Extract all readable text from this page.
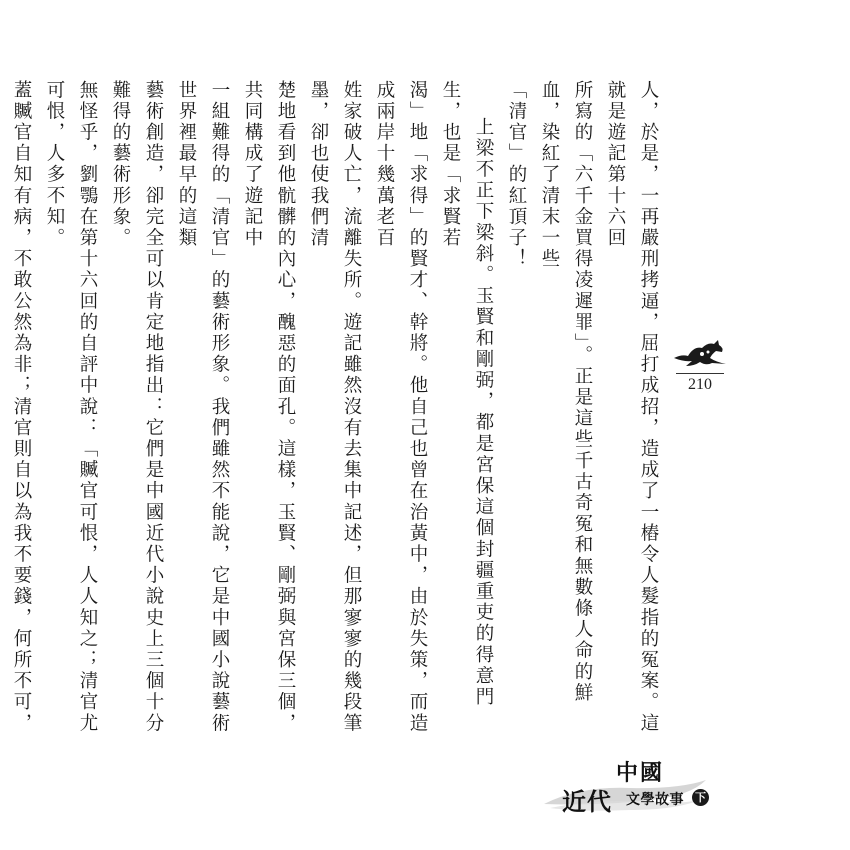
人，於是，一再嚴刑拷逼，屈打成招，造成了一樁令人髮指的冤案。這就是遊記第十六回
所寫的「六千金買得凌遲罪」。正是這些千古奇冤和無數條人命的鮮血，染紅了清末一些
「清官」的紅頂子！

上梁不正下梁斜。玉賢和剛弼，都是宮保這個封疆重吏的得意門生，也是「求賢若
渴」地「求得」的賢才、幹將。他自己也曾在治黃中，由於失策，而造成兩岸十幾萬老百
姓家破人亡，流離失所。遊記雖然沒有去集中記述，但那寥寥的幾段筆墨，卻也使我們清
楚地看到他骯髒的內心，醜惡的面孔。這樣，玉賢、剛弼與宮保三個，共同構成了遊記中
一組難得的「清官」的藝術形象。我們雖然不能說，它是中國小說藝術世界裡最早的這類
藝術創造，卻完全可以肯定地指出：它們是中國近代小說史上三個十分難得的藝術形象。
無怪乎，劉鶚在第十六回的自評中說：「贓官可恨，人人知之；清官尤可恨，人多不知。
蓋贓官自知有病，不敢公然為非；清官則自以為我不要錢，何所不可，

210
中國
近代 文學故事 下
